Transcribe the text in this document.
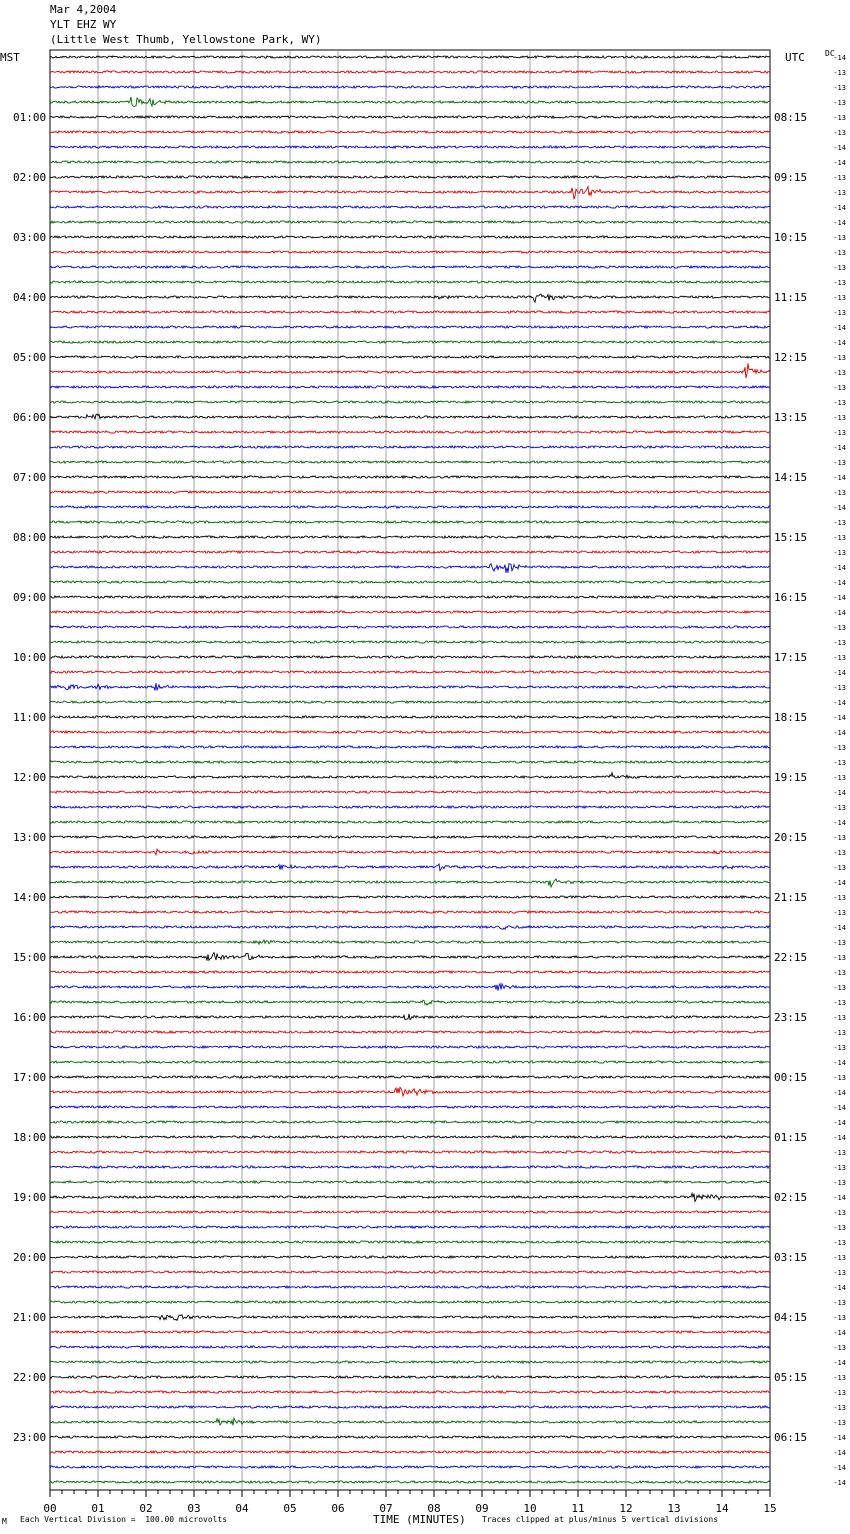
Mar 4,2004
YLT EHZ WY
(Little West Thumb, Yellowstone Park, WY)
00	01	02	03	04	05	06	07	08	09	10	11	12	13	14	15
-14
-13
-13
-13
-13
-13
-14
-14
-13
-13
-14
-14
-13
-13
-13
-13
-13
-13
-14
-14
-13
-13
-13
-13
-13
-13
-14
-13
-14
-13
-14
-13
-13
-13
-14
-14
-14
-14
-13
-13
-13
-14
-13
-14
-14
-14
-13
-13
-13
-14
-13
-14
-13
-13
-13
-14
-13
-13
-14
-13
-13
-13
-13
-13
-13
-13
-13
-14
-13
-14
-14
-14
-14
-13
-13
-13
-14
-13
-13
-13
-13
-13
-14
-13
-13
-14
-13
-14
-13
-13
-13
-13
-14
-14
-14
-14
01:00	08:15
02:00	09:15
03:00	10:15
04:00	11:15
05:00	12:15
06:00	13:15
07:00	14:15
08:00	15:15
09:00	16:15
10:00	17:15
11:00	18:15
12:00	19:15
13:00	20:15
14:00	21:15
15:00	22:15
16:00	23:15
17:00	00:15
18:00	01:15
19:00	02:15
20:00	03:15
21:00	04:15
22:00	05:15
23:00	06:15
MST	UTC	DC
TIME (MINUTES)
M Each Vertical Division =  100.00 microvolts	Traces clipped at plus/minus 5 vertical divisions
